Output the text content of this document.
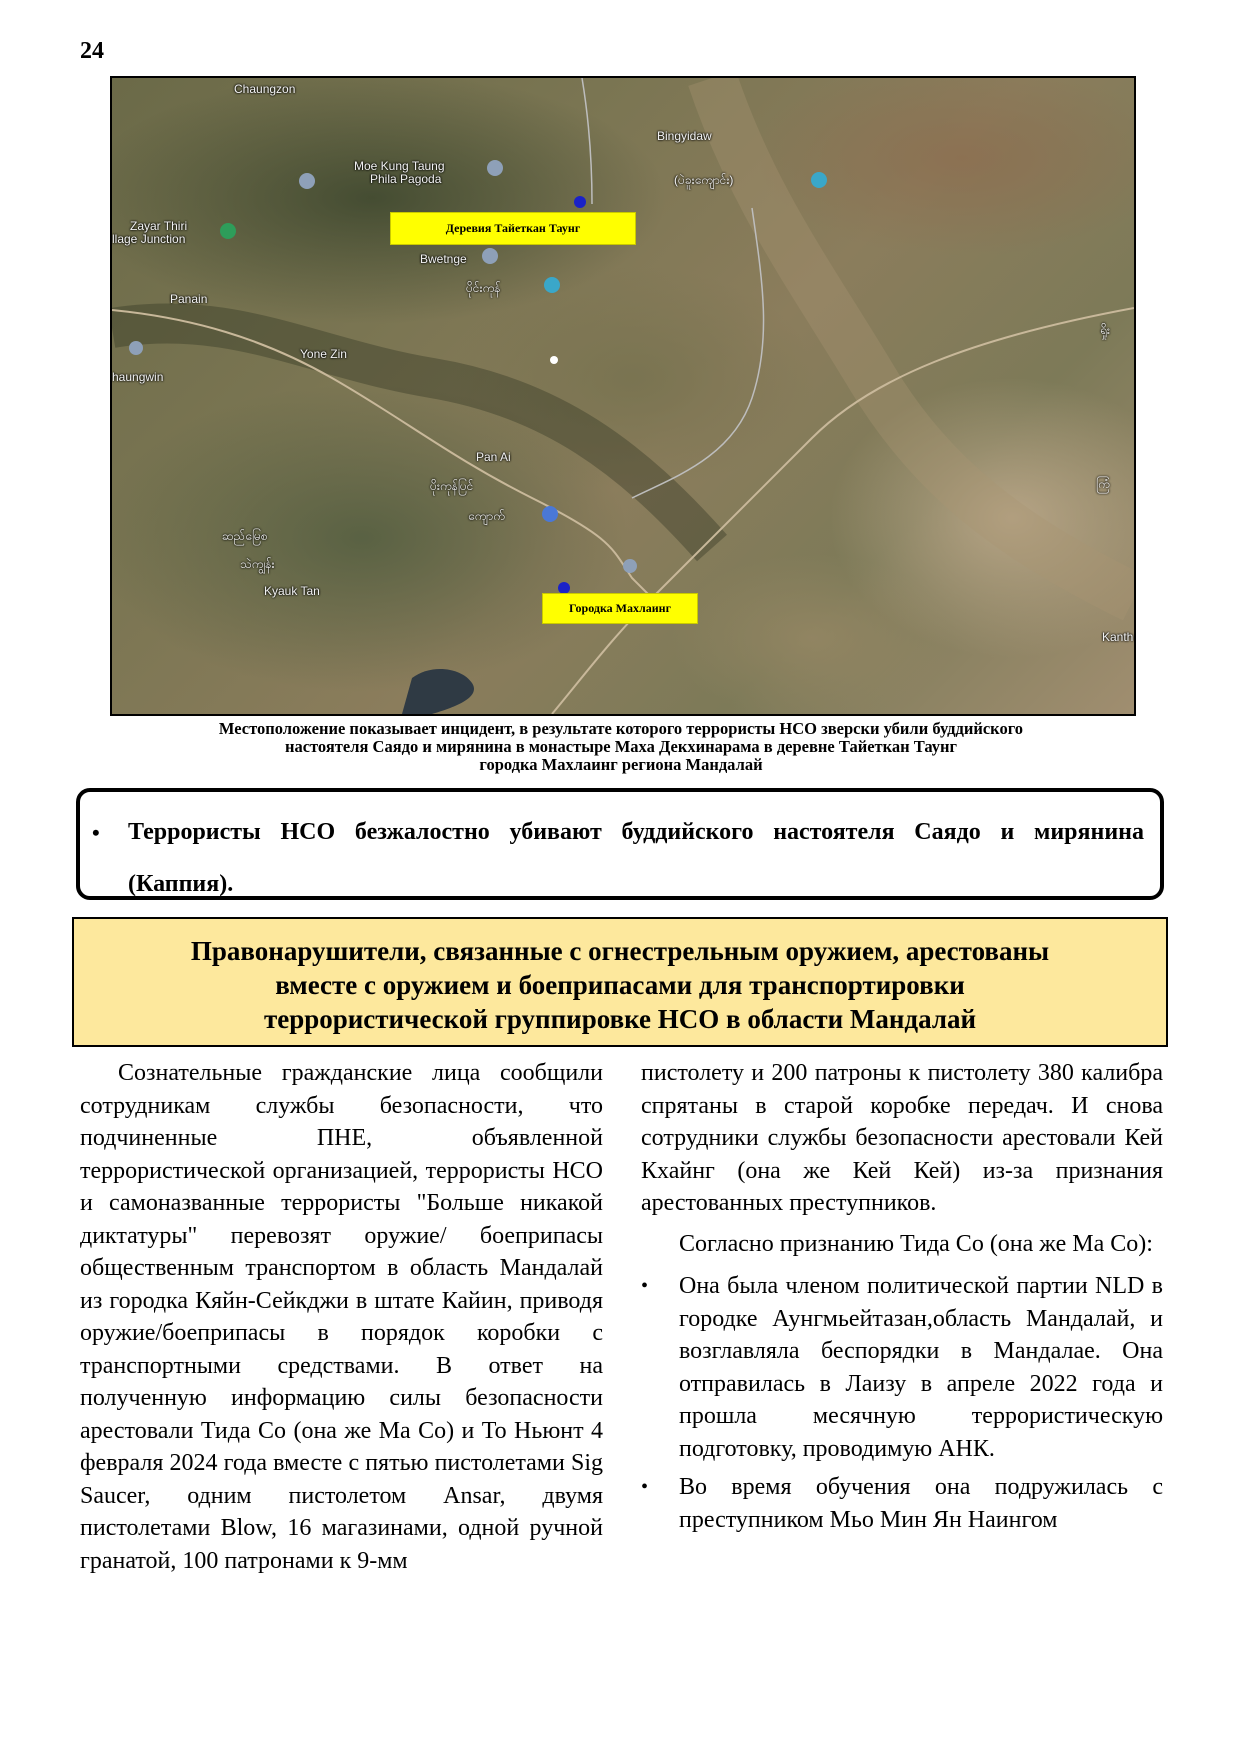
24
Chaungzon
Bingyidaw
Moe Kung Taung
Phila Pagoda
Zayar Thiri
llage Junction
Bwetnge
Panain
Yone Zin
haungwin
Pan Ai
Kyauk Tan
Kanth
(ပဲခူးကျောင်း)
ပိုင်းကုန်
ပိုးကုန်ပြင်
ဆည်မြေစ
သဲကျွန်း
ကျောက်
ရှိုး
ကြံ
Деревия Тайеткан Таунг
Городка Махлаинг
Местоположение показывает инцидент, в результате которого террористы НСО зверски убили буддийского
настоятеля Саядо и мирянина в монастыре Маха Декхинарама в деревне Тайеткан Таунг
городка Махлаинг региона Мандалай
• Террористы НСО безжалостно убивают буддийского настоятеля Саядо и мирянина (Каппия).
Правонарушители, связанные с огнестрельным оружием, арестованы
вместе с оружием и боеприпасами для транспортировки
террористической группировке НСО в области Мандалай

Сознательные гражданские лица сообщили сотрудникам службы безопасности, что подчиненные ПНЕ, объявленной террористической организацией, террористы НСО и самоназванные террористы "Больше никакой диктатуры" перевозят оружие/ боеприпасы общественным транспортом в область Мандалай из городка Кяйн-Сейкджи в штате Кайин, приводя оружие/боеприпасы в порядок коробки с транспортными средствами. В ответ на полученную информацию силы безопасности арестовали Тида Со (она же Ма Со) и То Ньюнт 4 февраля 2024 года вместе с пятью пистолетами Sig Saucer, одним пистолетом Ansar, двумя пистолетами Blow, 16 магазинами, одной ручной гранатой, 100 патронами к 9-мм

пистолету и 200 патроны к пистолету 380 калибра спрятаны в старой коробке передач. И снова сотрудники службы безопасности арестовали Кей Кхайнг (она же Кей Кей) из-за признания арестованных преступников.

Согласно признанию Тида Со (она же Ма Со):

• Она была членом политической партии NLD в городке Аунгмьейтазан,область Мандалай, и возглавляла беспорядки в Мандалае. Она отправилась в Лаизу в апреле 2022 года и прошла месячную террористическую подготовку, проводимую АНК.
• Во время обучения она подружилась с преступником Мьо Мин Ян Наингом
